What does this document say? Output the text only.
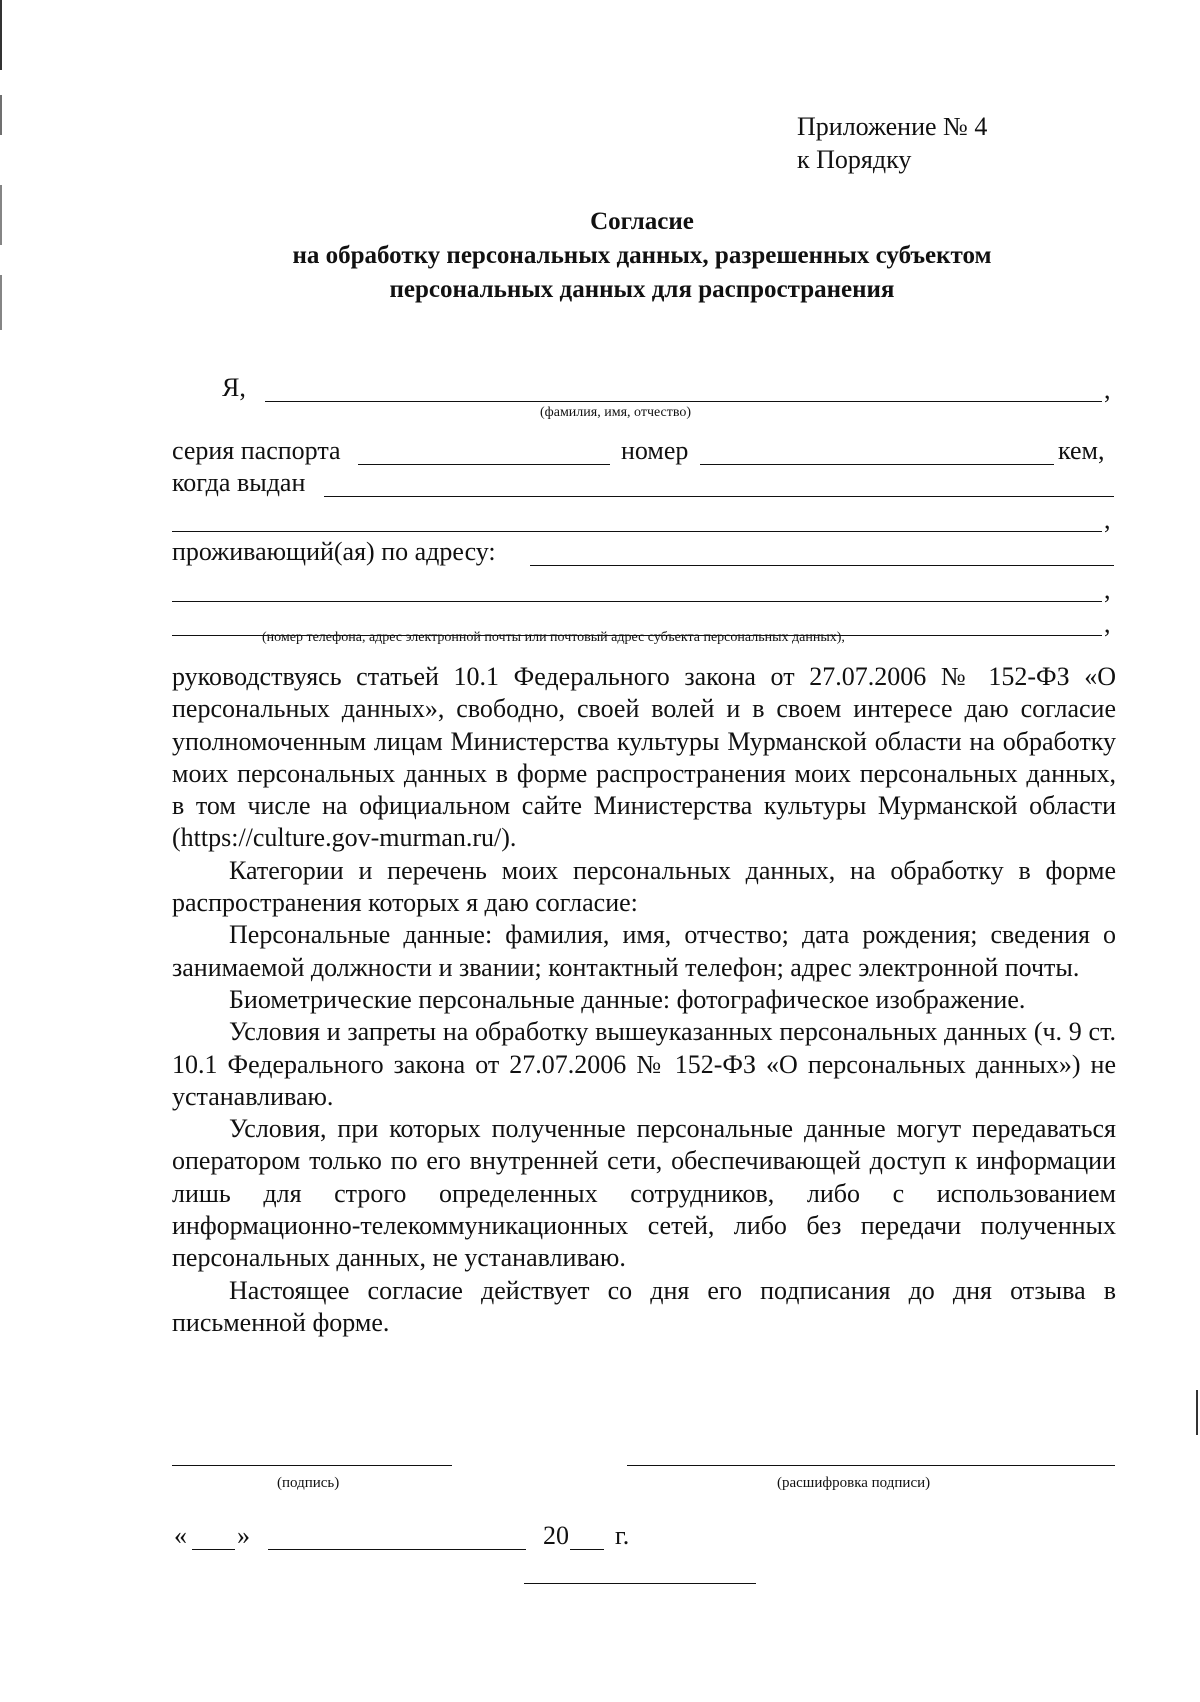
Приложение № 4
к Порядку
Согласие
на обработку персональных данных, разрешенных субъектом
персональных данных для распространения
Я,	,
(фамилия, имя, отчество)
серия паспорта	номер	кем,
когда выдан
,
проживающий(ая) по адресу:
,
,
(номер телефона, адрес электронной почты или почтовый адрес субъекта персональных данных),

руководствуясь статьей 10.1 Федерального закона от 27.07.2006 № 152-ФЗ «О персональных данных», свободно, своей волей и в своем интересе даю согласие уполномоченным лицам Министерства культуры Мурманской области на обработку моих персональных данных в форме распространения моих персональных данных, в том числе на официальном сайте Министерства культуры Мурманской области (https://culture.gov-murman.ru/).

Категории и перечень моих персональных данных, на обработку в форме распространения которых я даю согласие:

Персональные данные: фамилия, имя, отчество; дата рождения; сведения о занимаемой должности и звании; контактный телефон; адрес электронной почты.

Биометрические персональные данные: фотографическое изображение.

Условия и запреты на обработку вышеуказанных персональных данных (ч. 9 ст. 10.1 Федерального закона от 27.07.2006 № 152-ФЗ «О персональных данных») не устанавливаю.

Условия, при которых полученные персональные данные могут передаваться оператором только по его внутренней сети, обеспечивающей доступ к информации лишь для строго определенных сотрудников, либо с использованием информационно-телекоммуникационных сетей, либо без передачи полученных персональных данных, не устанавливаю.

Настоящее согласие действует со дня его подписания до дня отзыва в письменной форме.

(подпись)	(расшифровка подписи)
« »	20 г.
